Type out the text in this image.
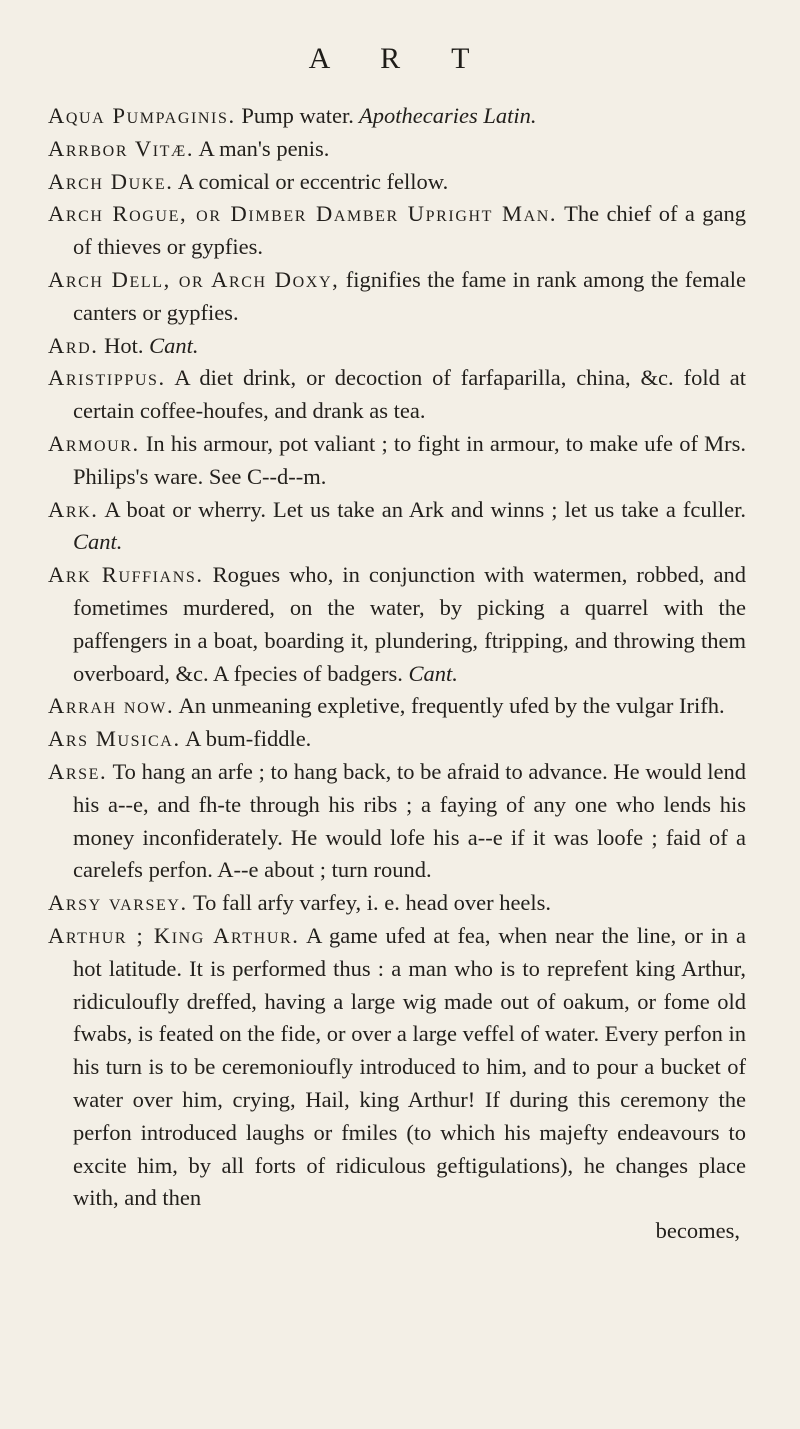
A R T

Aqua Pumpaginis. Pump water. Apothecaries Latin.

Arrbor Vitæ. A man's penis.

Arch Duke. A comical or eccentric fellow.

Arch Rogue, or Dimber Damber Upright Man. The chief of a gang of thieves or gypfies.

Arch Dell, or Arch Doxy, fignifies the fame in rank among the female canters or gypfies.

Ard. Hot. Cant.

Aristippus. A diet drink, or decoction of farfaparilla, china, &c. fold at certain coffee-houfes, and drank as tea.

Armour. In his armour, pot valiant ; to fight in armour, to make ufe of Mrs. Philips's ware. See C--d--m.

Ark. A boat or wherry. Let us take an Ark and winns ; let us take a fculler. Cant.

Ark Ruffians. Rogues who, in conjunction with watermen, robbed, and fometimes murdered, on the water, by picking a quarrel with the paffengers in a boat, boarding it, plundering, ftripping, and throwing them overboard, &c. A fpecies of badgers. Cant.

Arrah now. An unmeaning expletive, frequently ufed by the vulgar Irifh.

Ars Musica. A bum-fiddle.

Arse. To hang an arfe ; to hang back, to be afraid to advance. He would lend his a--e, and fh-te through his ribs ; a faying of any one who lends his money inconfiderately. He would lofe his a--e if it was loofe ; faid of a carelefs perfon. A--e about ; turn round.

Arsy varsey. To fall arfy varfey, i. e. head over heels.

Arthur ; King Arthur. A game ufed at fea, when near the line, or in a hot latitude. It is performed thus : a man who is to reprefent king Arthur, ridiculoufly dreffed, having a large wig made out of oakum, or fome old fwabs, is feated on the fide, or over a large veffel of water. Every perfon in his turn is to be ceremonioufly introduced to him, and to pour a bucket of water over him, crying, Hail, king Arthur! If during this ceremony the perfon introduced laughs or fmiles (to which his majefty endeavours to excite him, by all forts of ridiculous geftigulations), he changes place with, and then

becomes,
